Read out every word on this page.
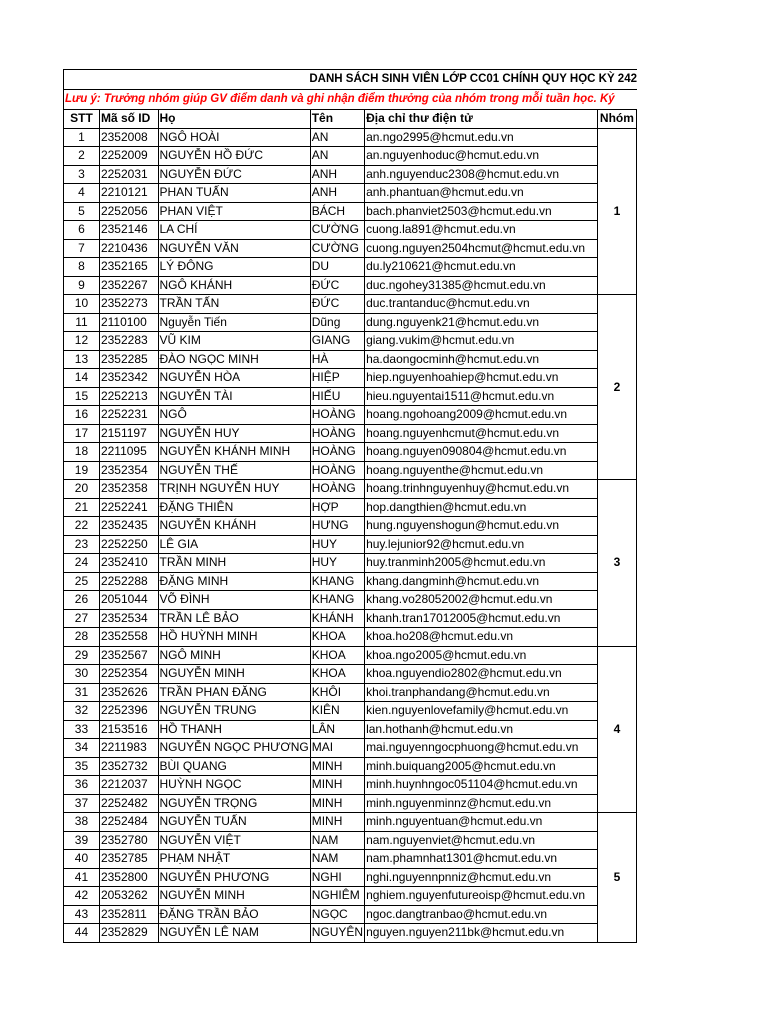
DANH SÁCH SINH VIÊN LỚP CC01 CHÍNH QUY HỌC KỲ 242
Lưu ý: Trưởng nhóm giúp GV điểm danh và ghi nhận điểm thưởng của nhóm trong mỗi tuần học. Ký
STT	Mã số ID	Họ	Tên	Địa chỉ thư điện tử	Nhóm
1	2352008	NGÔ HOÀI	AN	an.ngo2995@hcmut.edu.vn	1
2	2252009	NGUYỄN HỒ ĐỨC	AN	an.nguyenhoduc@hcmut.edu.vn	
3	2252031	NGUYỄN ĐỨC	ANH	anh.nguyenduc2308@hcmut.edu.vn	
4	2210121	PHAN TUẤN	ANH	anh.phantuan@hcmut.edu.vn	
5	2252056	PHAN VIỆT	BÁCH	bach.phanviet2503@hcmut.edu.vn	
6	2352146	LA CHÍ	CƯỜNG	cuong.la891@hcmut.edu.vn	
7	2210436	NGUYỄN VĂN	CƯỜNG	cuong.nguyen2504hcmut@hcmut.edu.vn	
8	2352165	LÝ ĐÔNG	DU	du.ly210621@hcmut.edu.vn	
9	2352267	NGÔ KHÁNH	ĐỨC	duc.ngohey31385@hcmut.edu.vn	
10	2352273	TRẦN TẤN	ĐỨC	duc.trantanduc@hcmut.edu.vn	2
11	2110100	Nguyễn Tiến	Dũng	dung.nguyenk21@hcmut.edu.vn	
12	2352283	VŨ KIM	GIANG	giang.vukim@hcmut.edu.vn	
13	2352285	ĐÀO NGỌC MINH	HÀ	ha.daongocminh@hcmut.edu.vn	
14	2352342	NGUYỄN HÒA	HIỆP	hiep.nguyenhoahiep@hcmut.edu.vn	
15	2252213	NGUYỄN TÀI	HIẾU	hieu.nguyentai1511@hcmut.edu.vn	
16	2252231	NGÔ	HOÀNG	hoang.ngohoang2009@hcmut.edu.vn	
17	2151197	NGUYỄN HUY	HOÀNG	hoang.nguyenhcmut@hcmut.edu.vn	
18	2211095	NGUYỄN KHÁNH MINH	HOÀNG	hoang.nguyen090804@hcmut.edu.vn	
19	2352354	NGUYỄN THẾ	HOÀNG	hoang.nguyenthe@hcmut.edu.vn	
20	2352358	TRỊNH NGUYỄN HUY	HOÀNG	hoang.trinhnguyenhuy@hcmut.edu.vn	3
21	2252241	ĐẶNG THIÊN	HỢP	hop.dangthien@hcmut.edu.vn	
22	2352435	NGUYỄN KHÁNH	HƯNG	hung.nguyenshogun@hcmut.edu.vn	
23	2252250	LÊ GIA	HUY	huy.lejunior92@hcmut.edu.vn	
24	2352410	TRẦN MINH	HUY	huy.tranminh2005@hcmut.edu.vn	
25	2252288	ĐẶNG MINH	KHANG	khang.dangminh@hcmut.edu.vn	
26	2051044	VÕ ĐÌNH	KHANG	khang.vo28052002@hcmut.edu.vn	
27	2352534	TRẦN LÊ BẢO	KHÁNH	khanh.tran17012005@hcmut.edu.vn	
28	2352558	HỒ HUỲNH MINH	KHOA	khoa.ho208@hcmut.edu.vn	
29	2352567	NGÔ MINH	KHOA	khoa.ngo2005@hcmut.edu.vn	4
30	2252354	NGUYỄN MINH	KHOA	khoa.nguyendio2802@hcmut.edu.vn	
31	2352626	TRẦN PHAN ĐĂNG	KHÔI	khoi.tranphandang@hcmut.edu.vn	
32	2252396	NGUYỄN TRUNG	KIÊN	kien.nguyenlovefamily@hcmut.edu.vn	
33	2153516	HỒ THANH	LÂN	lan.hothanh@hcmut.edu.vn	
34	2211983	NGUYỄN NGỌC PHƯƠNG	MAI	mai.nguyenngocphuong@hcmut.edu.vn	
35	2352732	BÙI QUANG	MINH	minh.buiquang2005@hcmut.edu.vn	
36	2212037	HUỲNH NGỌC	MINH	minh.huynhngoc051104@hcmut.edu.vn	
37	2252482	NGUYỄN TRỌNG	MINH	minh.nguyenminnz@hcmut.edu.vn	
38	2252484	NGUYỄN TUẤN	MINH	minh.nguyentuan@hcmut.edu.vn	5
39	2352780	NGUYỄN VIỆT	NAM	nam.nguyenviet@hcmut.edu.vn	
40	2352785	PHẠM NHẬT	NAM	nam.phamnhat1301@hcmut.edu.vn	
41	2352800	NGUYỄN PHƯƠNG	NGHI	nghi.nguyennpnniz@hcmut.edu.vn	
42	2053262	NGUYỄN MINH	NGHIÊM	nghiem.nguyenfutureoisp@hcmut.edu.vn	
43	2352811	ĐẶNG TRẦN BẢO	NGỌC	ngoc.dangtranbao@hcmut.edu.vn	
44	2352829	NGUYỄN LÊ NAM	NGUYÊN	nguyen.nguyen211bk@hcmut.edu.vn	
